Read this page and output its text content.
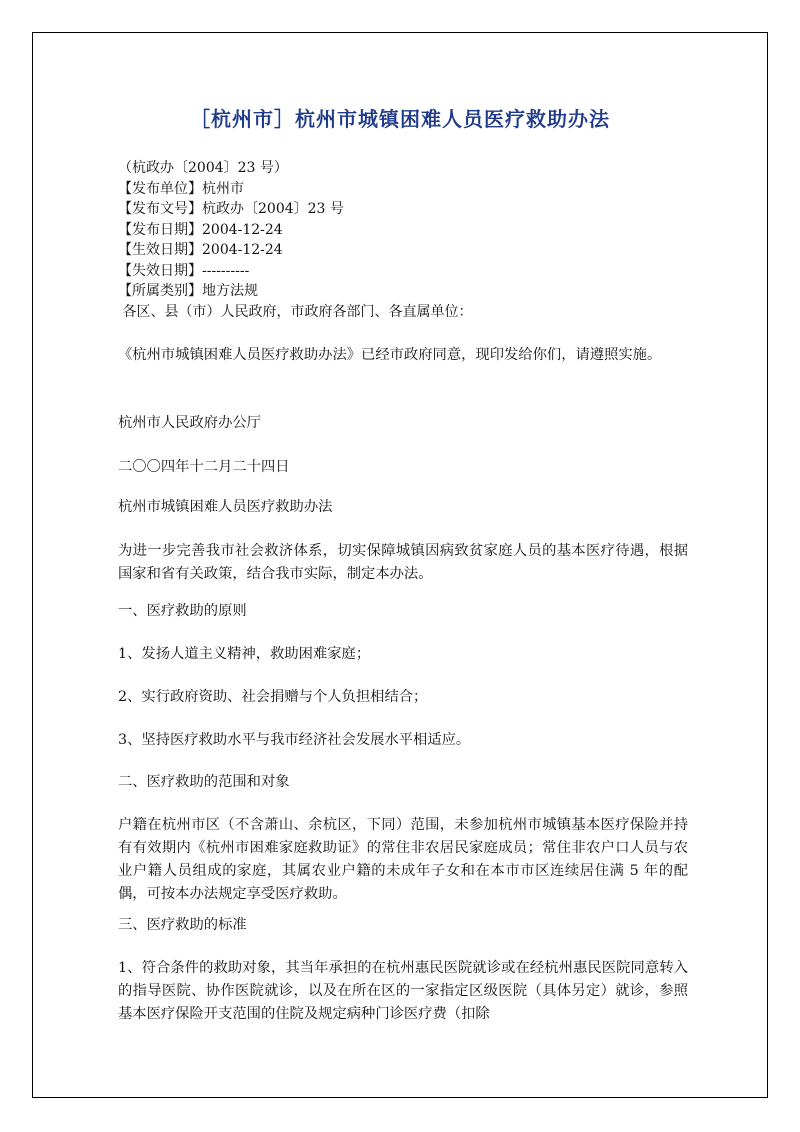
［杭州市］杭州市城镇困难人员医疗救助办法
（杭政办〔2004〕23 号）
【发布单位】杭州市
【发布文号】杭政办〔2004〕23 号
【发布日期】2004-12-24
【生效日期】2004-12-24
【失效日期】----------
【所属类别】地方法规
各区、县（市）人民政府，市政府各部门、各直属单位：

《杭州市城镇困难人员医疗救助办法》已经市政府同意，现印发给你们，请遵照实施。

杭州市人民政府办公厅

二〇〇四年十二月二十四日

杭州市城镇困难人员医疗救助办法

为进一步完善我市社会救济体系，切实保障城镇因病致贫家庭人员的基本医疗待遇，根据国家和省有关政策，结合我市实际，制定本办法。

一、医疗救助的原则

1、发扬人道主义精神，救助困难家庭；

2、实行政府资助、社会捐赠与个人负担相结合；

3、坚持医疗救助水平与我市经济社会发展水平相适应。

二、医疗救助的范围和对象

户籍在杭州市区（不含萧山、余杭区，下同）范围，未参加杭州市城镇基本医疗保险并持有有效期内《杭州市困难家庭救助证》的常住非农居民家庭成员；常住非农户口人员与农业户籍人员组成的家庭，其属农业户籍的未成年子女和在本市市区连续居住满 5 年的配偶，可按本办法规定享受医疗救助。

三、医疗救助的标准

1、符合条件的救助对象，其当年承担的在杭州惠民医院就诊或在经杭州惠民医院同意转入的指导医院、协作医院就诊，以及在所在区的一家指定区级医院（具体另定）就诊，参照基本医疗保险开支范围的住院及规定病种门诊医疗费（扣除
